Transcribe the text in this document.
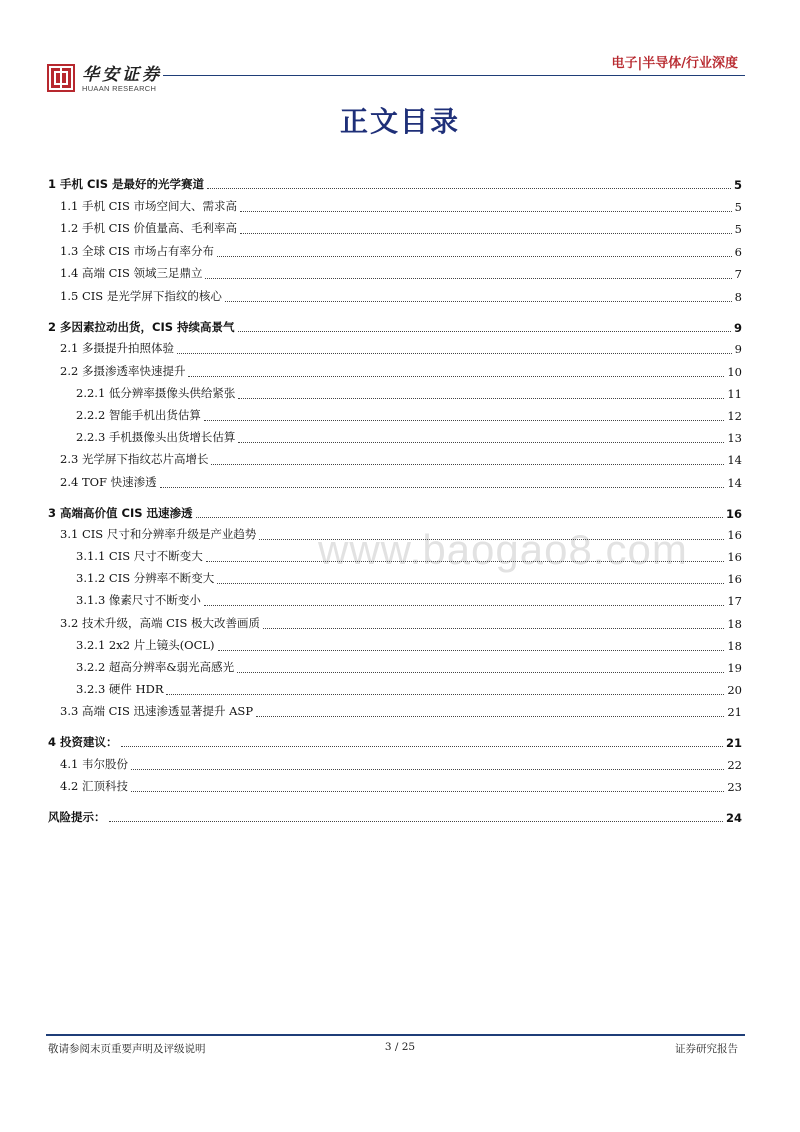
华安证券
HUAAN RESEARCH
电子|半导体/行业深度
正文目录
www.baogao8.com
1 手机 CIS 是最好的光学赛道	5
1.1 手机 CIS 市场空间大、需求高	5
1.2 手机 CIS 价值量高、毛利率高	5
1.3 全球 CIS 市场占有率分布	6
1.4 高端 CIS 领域三足鼎立	7
1.5 CIS 是光学屏下指纹的核心	8
2 多因素拉动出货，CIS 持续高景气	9
2.1 多摄提升拍照体验	9
2.2 多摄渗透率快速提升	10
2.2.1 低分辨率摄像头供给紧张	11
2.2.2 智能手机出货估算	12
2.2.3 手机摄像头出货增长估算	13
2.3 光学屏下指纹芯片高增长	14
2.4 TOF 快速渗透	14
3 高端高价值 CIS 迅速渗透	16
3.1 CIS 尺寸和分辨率升级是产业趋势	16
3.1.1 CIS 尺寸不断变大	16
3.1.2 CIS 分辨率不断变大	16
3.1.3 像素尺寸不断变小	17
3.2 技术升级，高端 CIS 极大改善画质	18
3.2.1 2x2 片上镜头(OCL)	18
3.2.2 超高分辨率&弱光高感光	19
3.2.3 硬件 HDR	20
3.3 高端 CIS 迅速渗透显著提升 ASP	21
4 投资建议：	21
4.1 韦尔股份	22
4.2 汇顶科技	23
风险提示：	24
敬请参阅末页重要声明及评级说明	3 / 25	证券研究报告
